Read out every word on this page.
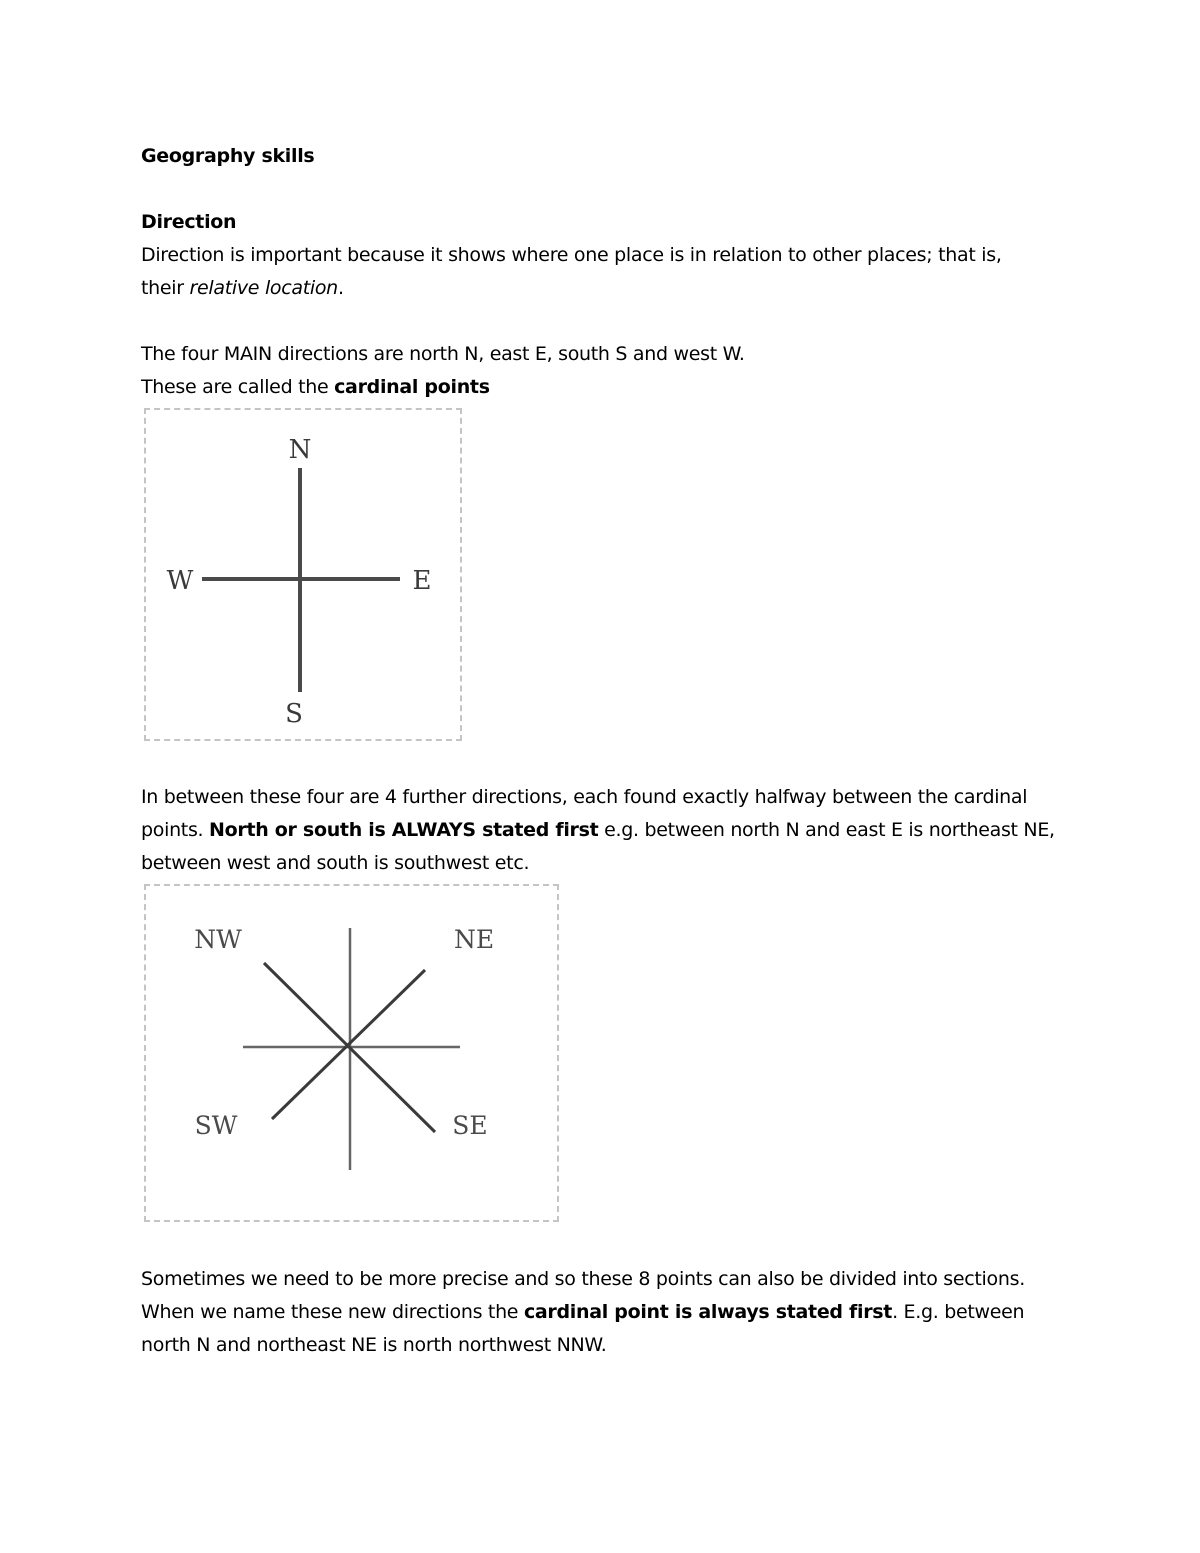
Geography skills

Direction

Direction is important because it shows where one place is in relation to other places; that is,
their relative location.
The four MAIN directions are north N, east E, south S and west W.
These are called the cardinal points
N
E
S
W
In between these four are 4 further directions, each found exactly halfway between the cardinal
points. North or south is ALWAYS stated first e.g. between north N and east E is northeast NE,
between west and south is southwest etc.
NW	NE
SW	SE
Sometimes we need to be more precise and so these 8 points can also be divided into sections.
When we name these new directions the cardinal point is always stated first. E.g. between
north N and northeast NE is north northwest NNW.
